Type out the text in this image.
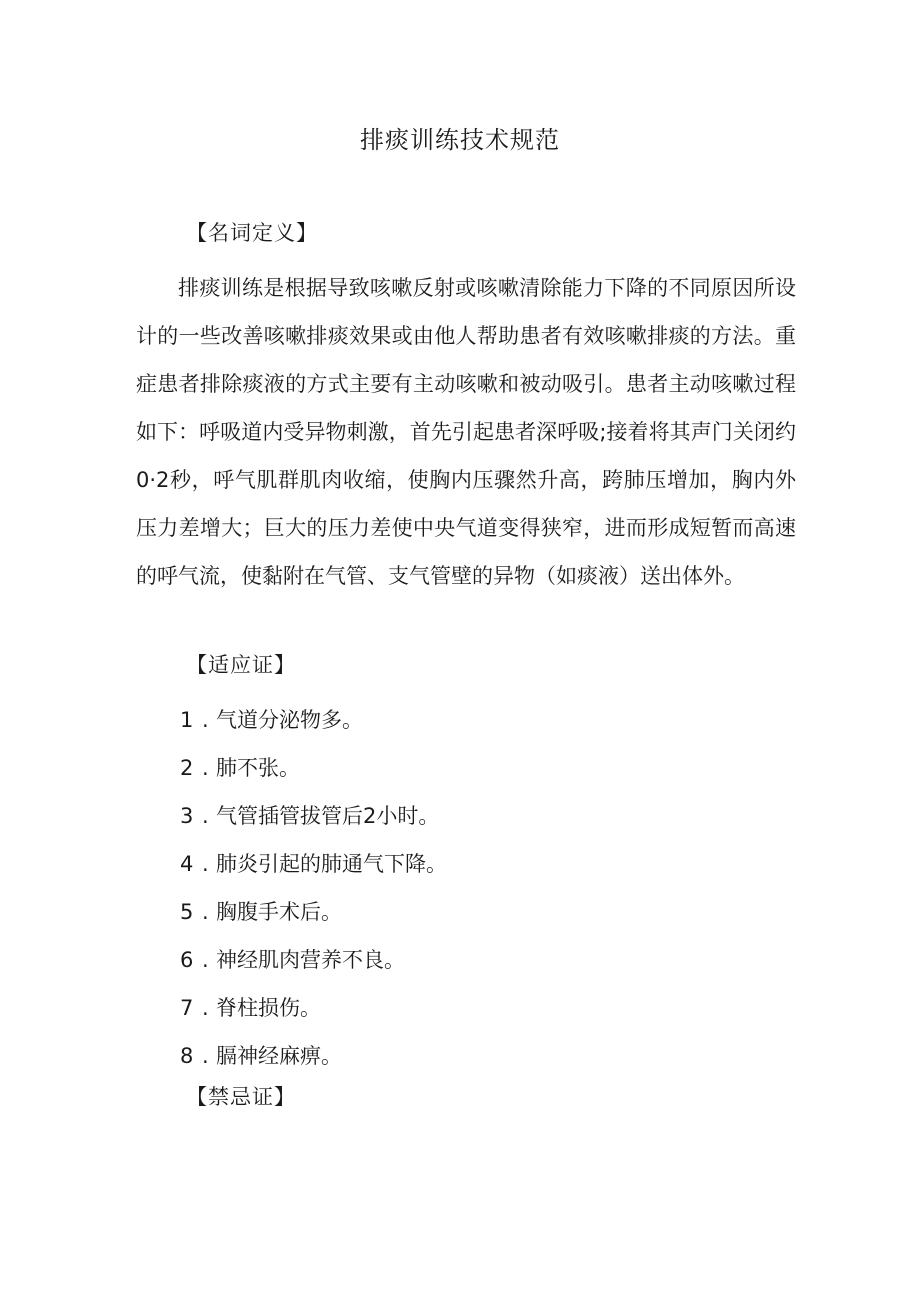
排痰训练技术规范
【名词定义】
排痰训练是根据导致咳嗽反射或咳嗽清除能力下降的不同原因所设计的一些改善咳嗽排痰效果或由他人帮助患者有效咳嗽排痰的方法。重症患者排除痰液的方式主要有主动咳嗽和被动吸引。患者主动咳嗽过程如下：呼吸道内受异物刺激，首先引起患者深呼吸;接着将其声门关闭约0·2秒，呼气肌群肌肉收缩，使胸内压骤然升高，跨肺压增加，胸内外压力差增大；巨大的压力差使中央气道变得狭窄，进而形成短暂而高速的呼气流，使黏附在气管、支气管壁的异物（如痰液）送出体外。
【适应证】
1 . 气道分泌物多。
2 . 肺不张。
3 . 气管插管拔管后2小时。
4 . 肺炎引起的肺通气下降。
5 . 胸腹手术后。
6 . 神经肌肉营养不良。
7 . 脊柱损伤。
8 . 膈神经麻痹。
【禁忌证】
